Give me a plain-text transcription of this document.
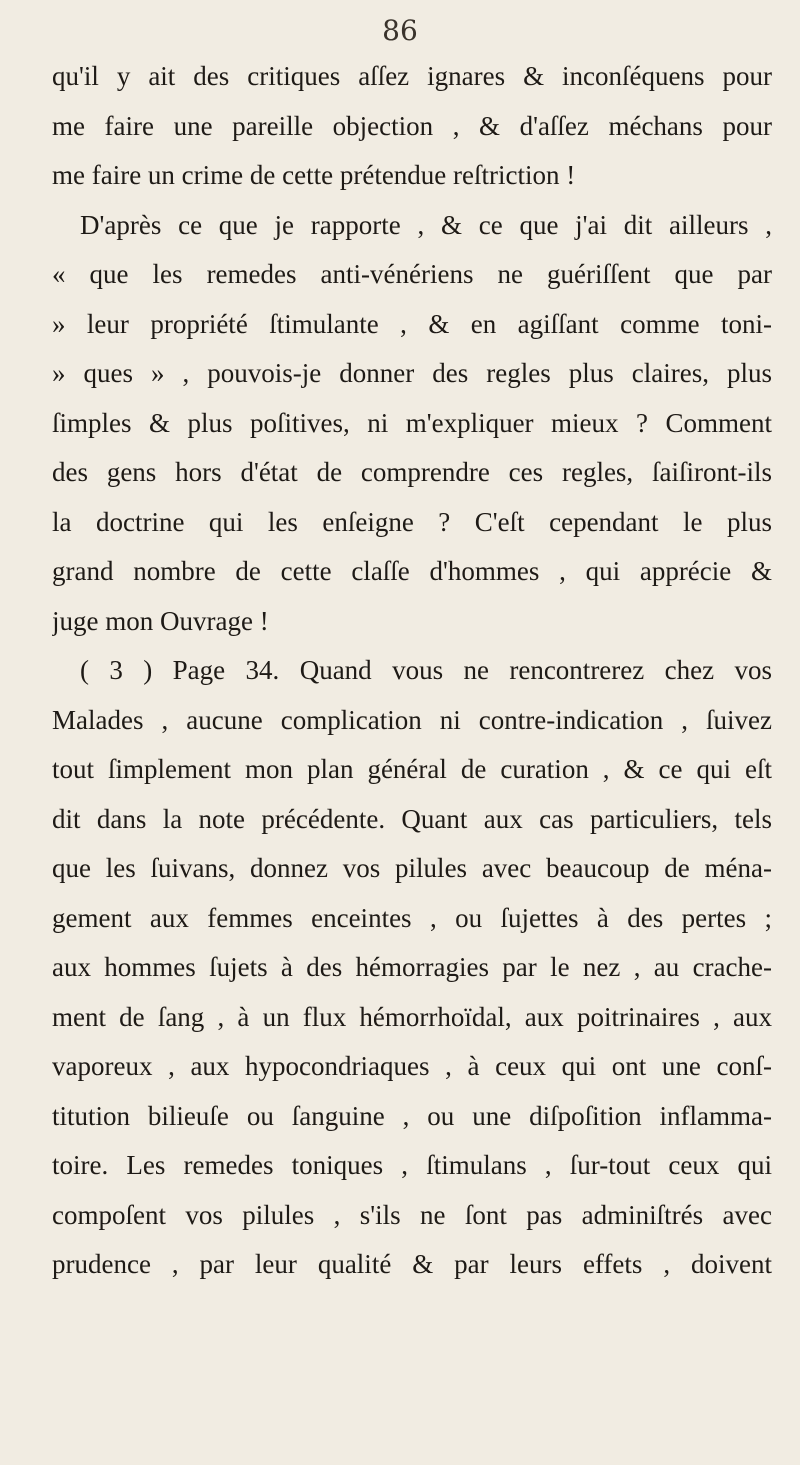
86
qu'il y ait des critiques aſſez ignares & inconſéquens pour
me faire une pareille objection , & d'aſſez méchans pour
me faire un crime de cette prétendue reſtriction !
D'après ce que je rapporte , & ce que j'ai dit ailleurs ,
« que les remedes anti-vénériens ne guériſſent que par
» leur propriété ſtimulante , & en agiſſant comme toni-
» ques » , pouvois-je donner des regles plus claires, plus
ſimples & plus poſitives, ni m'expliquer mieux ? Comment
des gens hors d'état de comprendre ces regles, ſaiſiront-ils
la doctrine qui les enſeigne ? C'eſt cependant le plus
grand nombre de cette claſſe d'hommes , qui apprécie &
juge mon Ouvrage !
( 3 ) Page 34. Quand vous ne rencontrerez chez vos
Malades , aucune complication ni contre-indication , ſuivez
tout ſimplement mon plan général de curation , & ce qui eſt
dit dans la note précédente. Quant aux cas particuliers, tels
que les ſuivans, donnez vos pilules avec beaucoup de ména-
gement aux femmes enceintes , ou ſujettes à des pertes ;
aux hommes ſujets à des hémorragies par le nez , au crache-
ment de ſang , à un flux hémorrhoïdal, aux poitrinaires , aux
vaporeux , aux hypocondriaques , à ceux qui ont une conſ-
titution bilieuſe ou ſanguine , ou une diſpoſition inflamma-
toire. Les remedes toniques , ſtimulans , ſur-tout ceux qui
compoſent vos pilules , s'ils ne ſont pas adminiſtrés avec
prudence , par leur qualité & par leurs effets , doivent
